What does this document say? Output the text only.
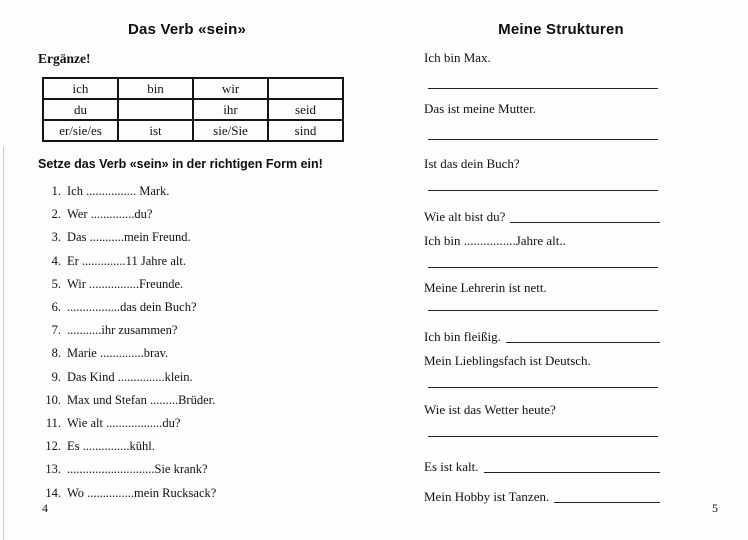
Das Verb «sein»
Ergänze!
ich	bin	wir	
du		ihr	seid
er/sie/es	ist	sie/Sie	sind
Setze das Verb «sein» in der richtigen Form ein!
1. Ich ................ Mark.
2. Wer ..............du?
3. Das ...........mein Freund.
4. Er ..............11 Jahre alt.
5. Wir ................Freunde.
6. .................das dein Buch?
7. ...........ihr zusammen?
8. Marie ..............brav.
9. Das Kind ...............klein.
10. Max und Stefan .........Brüder.
11. Wie alt ..................du?
12. Es ...............kühl.
13. ............................Sie krank?
14. Wo ...............mein Rucksack?
4
Meine Strukturen
Ich bin Max.
Das ist meine Mutter.
Ist das dein Buch?
Wie alt bist du?
Ich bin ................Jahre alt..
Meine Lehrerin ist nett.
Ich bin fleißig.
Mein Lieblingsfach ist Deutsch.
Wie ist das Wetter heute?
Es ist kalt.
Mein Hobby ist Tanzen.
5
